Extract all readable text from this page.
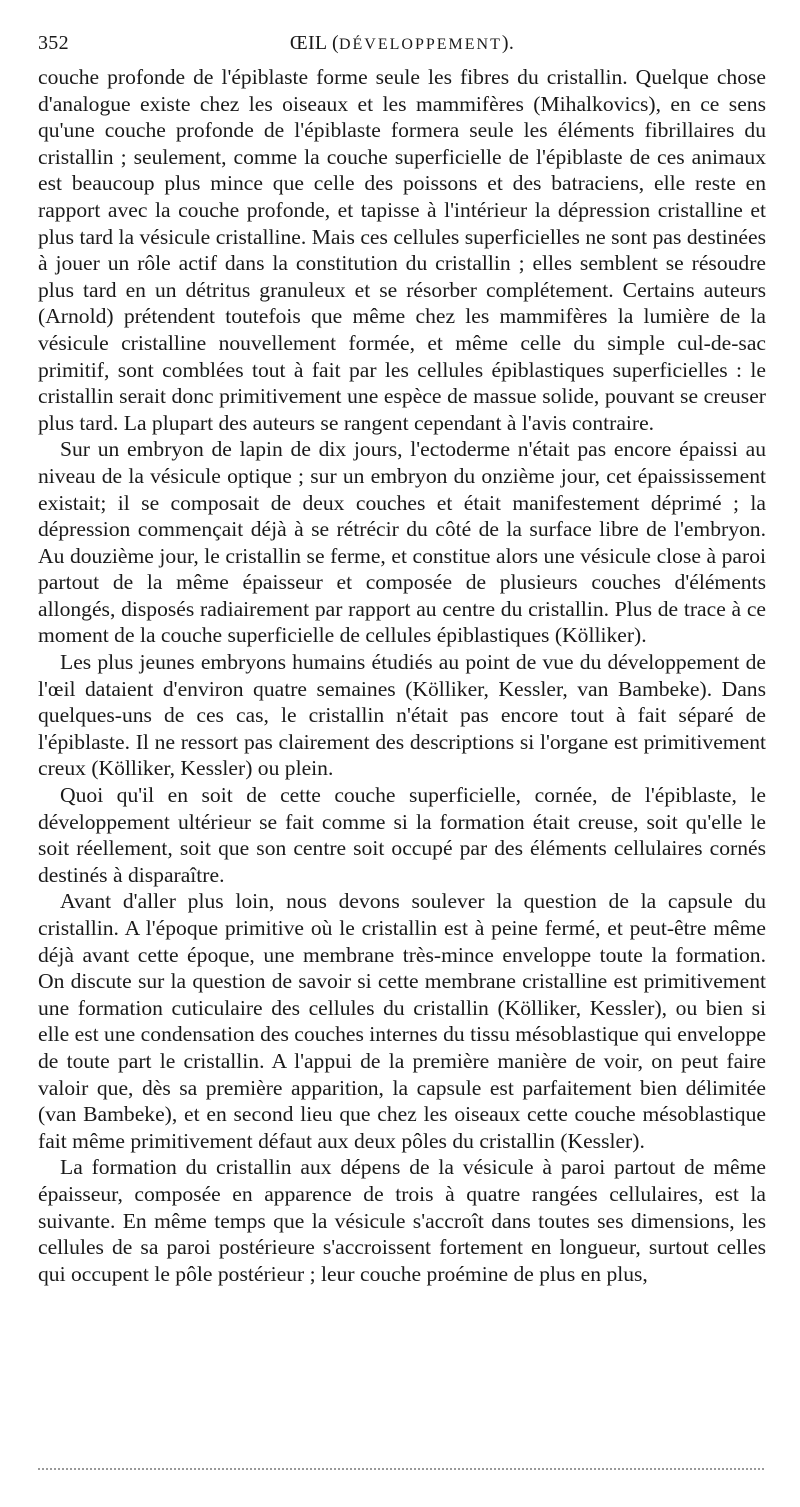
352	ŒIL (DÉVELOPPEMENT).

couche profonde de l'épiblaste forme seule les fibres du cristallin. Quelque chose d'analogue existe chez les oiseaux et les mammifères (Mihalkovics), en ce sens qu'une couche profonde de l'épiblaste formera seule les éléments fibrillaires du cristallin ; seulement, comme la couche superficielle de l'épiblaste de ces animaux est beaucoup plus mince que celle des poissons et des batraciens, elle reste en rapport avec la couche profonde, et tapisse à l'intérieur la dépression cristalline et plus tard la vésicule cristalline. Mais ces cellules superficielles ne sont pas destinées à jouer un rôle actif dans la constitution du cristallin ; elles semblent se résoudre plus tard en un détritus granuleux et se résorber complétement. Certains auteurs (Arnold) prétendent toutefois que même chez les mammifères la lumière de la vésicule cristalline nouvellement formée, et même celle du simple cul-de-sac primitif, sont comblées tout à fait par les cellules épiblastiques superficielles : le cristallin serait donc primitivement une espèce de massue solide, pouvant se creuser plus tard. La plupart des auteurs se rangent cependant à l'avis contraire.

Sur un embryon de lapin de dix jours, l'ectoderme n'était pas encore épaissi au niveau de la vésicule optique ; sur un embryon du onzième jour, cet épaississement existait; il se composait de deux couches et était manifestement déprimé ; la dépression commençait déjà à se rétrécir du côté de la surface libre de l'embryon. Au douzième jour, le cristallin se ferme, et constitue alors une vésicule close à paroi partout de la même épaisseur et composée de plusieurs couches d'éléments allongés, disposés radiairement par rapport au centre du cristallin. Plus de trace à ce moment de la couche superficielle de cellules épiblastiques (Kölliker).

Les plus jeunes embryons humains étudiés au point de vue du développement de l'œil dataient d'environ quatre semaines (Kölliker, Kessler, van Bambeke). Dans quelques-uns de ces cas, le cristallin n'était pas encore tout à fait séparé de l'épiblaste. Il ne ressort pas clairement des descriptions si l'organe est primitivement creux (Kölliker, Kessler) ou plein.

Quoi qu'il en soit de cette couche superficielle, cornée, de l'épiblaste, le développement ultérieur se fait comme si la formation était creuse, soit qu'elle le soit réellement, soit que son centre soit occupé par des éléments cellulaires cornés destinés à disparaître.

Avant d'aller plus loin, nous devons soulever la question de la capsule du cristallin. A l'époque primitive où le cristallin est à peine fermé, et peut-être même déjà avant cette époque, une membrane très-mince enveloppe toute la formation. On discute sur la question de savoir si cette membrane cristalline est primitivement une formation cuticulaire des cellules du cristallin (Kölliker, Kessler), ou bien si elle est une condensation des couches internes du tissu mésoblastique qui enveloppe de toute part le cristallin. A l'appui de la première manière de voir, on peut faire valoir que, dès sa première apparition, la capsule est parfaitement bien délimitée (van Bambeke), et en second lieu que chez les oiseaux cette couche mésoblastique fait même primitivement défaut aux deux pôles du cristallin (Kessler).

La formation du cristallin aux dépens de la vésicule à paroi partout de même épaisseur, composée en apparence de trois à quatre rangées cellulaires, est la suivante. En même temps que la vésicule s'accroît dans toutes ses dimensions, les cellules de sa paroi postérieure s'accroissent fortement en longueur, surtout celles qui occupent le pôle postérieur ; leur couche proémine de plus en plus,
